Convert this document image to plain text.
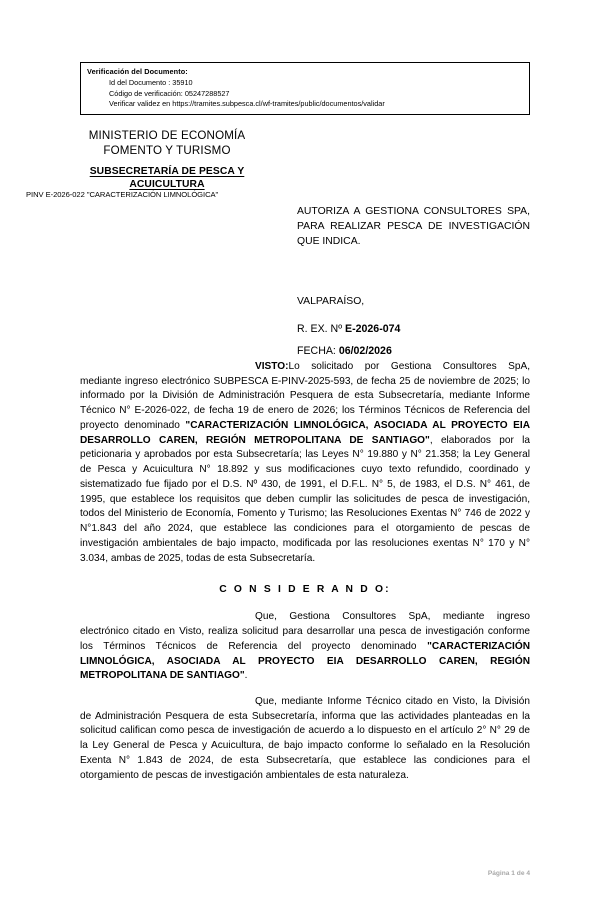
Verificación del Documento:
Id del Documento : 35910
Código de verificación: 05247288527
Verificar validez en https://tramites.subpesca.cl/wf-tramites/public/documentos/validar
MINISTERIO DE ECONOMÍA
FOMENTO Y TURISMO
SUBSECRETARÍA DE PESCA Y
ACUICULTURA
PINV E-2026-022 "CARACTERIZACIÓN LIMNOLÓGICA"
AUTORIZA A GESTIONA CONSULTORES SPA, PARA REALIZAR PESCA DE INVESTIGACIÓN QUE INDICA.
VALPARAÍSO,
R. EX. Nº E-2026-074
FECHA: 06/02/2026

VISTO:Lo solicitado por Gestiona Consultores SpA, mediante ingreso electrónico SUBPESCA E-PINV-2025-593, de fecha 25 de noviembre de 2025; lo informado por la División de Administración Pesquera de esta Subsecretaría, mediante Informe Técnico N° E-2026-022, de fecha 19 de enero de 2026; los Términos Técnicos de Referencia del proyecto denominado "CARACTERIZACIÓN LIMNOLÓGICA, ASOCIADA AL PROYECTO EIA DESARROLLO CAREN, REGIÓN METROPOLITANA DE SANTIAGO", elaborados por la peticionaria y aprobados por esta Subsecretaría; las Leyes N° 19.880 y N° 21.358; la Ley General de Pesca y Acuicultura N° 18.892 y sus modificaciones cuyo texto refundido, coordinado y sistematizado fue fijado por el D.S. Nº 430, de 1991, el D.F.L. N° 5, de 1983, el D.S. N° 461, de 1995, que establece los requisitos que deben cumplir las solicitudes de pesca de investigación, todos del Ministerio de Economía, Fomento y Turismo; las Resoluciones Exentas N° 746 de 2022 y N°1.843 del año 2024, que establece las condiciones para el otorgamiento de pescas de investigación ambientales de bajo impacto, modificada por las resoluciones exentas N° 170 y N° 3.034, ambas de 2025, todas de esta Subsecretaría.

C O N S I D E R A N D O:

Que, Gestiona Consultores SpA, mediante ingreso electrónico citado en Visto, realiza solicitud para desarrollar una pesca de investigación conforme los Términos Técnicos de Referencia del proyecto denominado "CARACTERIZACIÓN LIMNOLÓGICA, ASOCIADA AL PROYECTO EIA DESARROLLO CAREN, REGIÓN METROPOLITANA DE SANTIAGO".

Que, mediante Informe Técnico citado en Visto, la División de Administración Pesquera de esta Subsecretaría, informa que las actividades planteadas en la solicitud califican como pesca de investigación de acuerdo a lo dispuesto en el artículo 2° N° 29 de la Ley General de Pesca y Acuicultura, de bajo impacto conforme lo señalado en la Resolución Exenta N° 1.843 de 2024, de esta Subsecretaría, que establece las condiciones para el otorgamiento de pescas de investigación ambientales de esta naturaleza.

Página 1 de 4
